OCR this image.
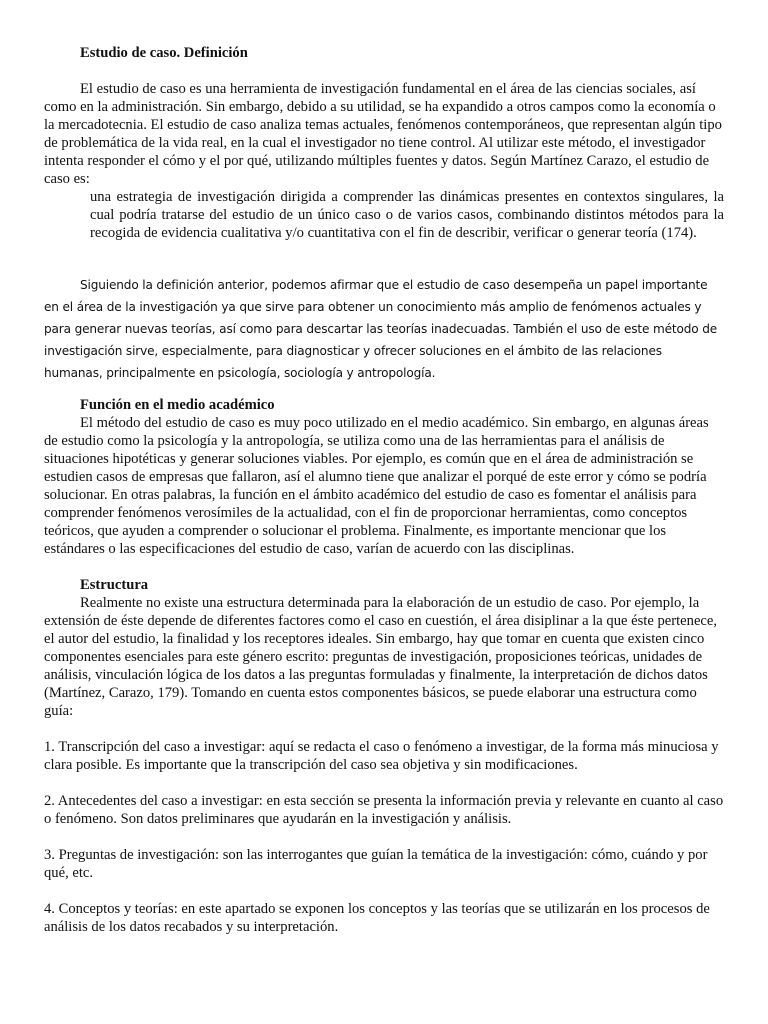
Estudio de caso. Definición

El estudio de caso es una herramienta de investigación fundamental en el área de las ciencias sociales, así como en la administración. Sin embargo, debido a su utilidad, se ha expandido a otros campos como la economía o la mercadotecnia. El estudio de caso analiza temas actuales, fenómenos contemporáneos, que representan algún tipo de problemática de la vida real, en la cual el investigador no tiene control. Al utilizar este método, el investigador intenta responder el cómo y el por qué, utilizando múltiples fuentes y datos. Según Martínez Carazo, el estudio de caso es:

una estrategia de investigación dirigida a comprender las dinámicas presentes en contextos singulares, la cual podría tratarse del estudio de un único caso o de varios casos, combinando distintos métodos para la recogida de evidencia cualitativa y/o cuantitativa con el fin de describir, verificar o generar teoría (174).

Siguiendo la definición anterior, podemos afirmar que el estudio de caso desempeña un papel importante en el área de la investigación ya que sirve para obtener un conocimiento más amplio de fenómenos actuales y para generar nuevas teorías, así como para descartar las teorías inadecuadas. También el uso de este método de investigación sirve, especialmente, para diagnosticar y ofrecer soluciones en el ámbito de las relaciones humanas, principalmente en psicología, sociología y antropología.

Función en el medio académico

El método del estudio de caso es muy poco utilizado en el medio académico. Sin embargo, en algunas áreas de estudio como la psicología y la antropología, se utiliza como una de las herramientas para el análisis de situaciones hipotéticas y generar soluciones viables. Por ejemplo, es común que en el área de administración se estudien casos de empresas que fallaron, así el alumno tiene que analizar el porqué de este error y cómo se podría solucionar. En otras palabras, la función en el ámbito académico del estudio de caso es fomentar el análisis para comprender fenómenos verosímiles de la actualidad, con el fin de proporcionar herramientas, como conceptos teóricos, que ayuden a comprender o solucionar el problema. Finalmente, es importante mencionar que los estándares o las especificaciones del estudio de caso, varían de acuerdo con las disciplinas.

Estructura

Realmente no existe una estructura determinada para la elaboración de un estudio de caso. Por ejemplo, la extensión de éste depende de diferentes factores como el caso en cuestión, el área disiplinar a la que éste pertenece, el autor del estudio, la finalidad y los receptores ideales. Sin embargo, hay que tomar en cuenta que existen cinco componentes esenciales para este género escrito: preguntas de investigación, proposiciones teóricas, unidades de análisis, vinculación lógica de los datos a las preguntas formuladas y finalmente, la interpretación de dichos datos (Martínez, Carazo, 179). Tomando en cuenta estos componentes básicos, se puede elaborar una estructura como guía:

1. Transcripción del caso a investigar: aquí se redacta el caso o fenómeno a investigar, de la forma más minuciosa y clara posible. Es importante que la transcripción del caso sea objetiva y sin modificaciones.

2. Antecedentes del caso a investigar: en esta sección se presenta la información previa y relevante en cuanto al caso o fenómeno. Son datos preliminares que ayudarán en la investigación y análisis.

3. Preguntas de investigación: son las interrogantes que guían la temática de la investigación: cómo, cuándo y por qué, etc.

4. Conceptos y teorías: en este apartado se exponen los conceptos y las teorías que se utilizarán en los procesos de análisis de los datos recabados y su interpretación.
